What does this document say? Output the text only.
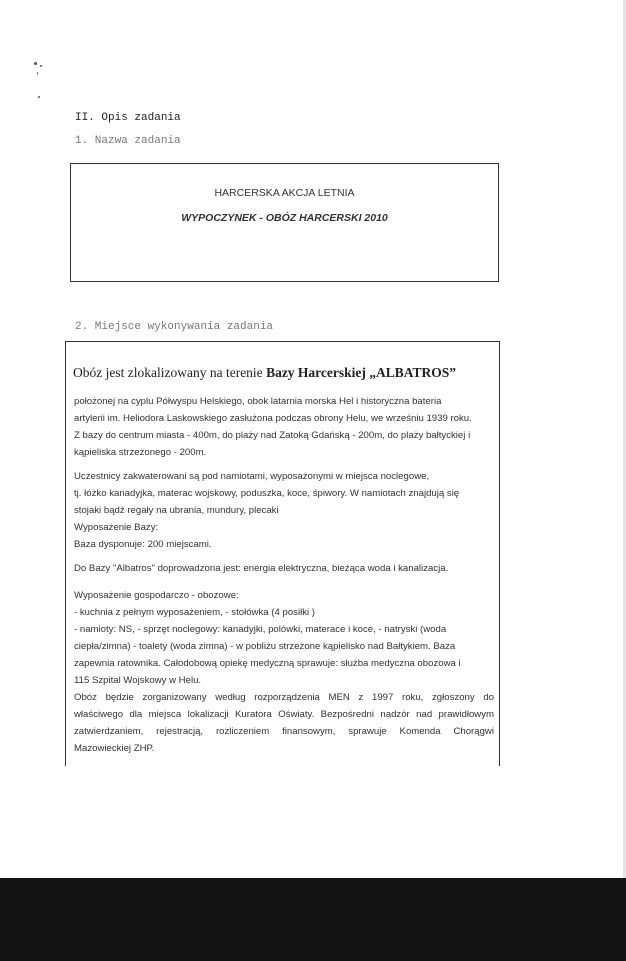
II. Opis zadania
1. Nazwa zadania
HARCERSKA AKCJA LETNIA
WYPOCZYNEK - OBÓZ HARCERSKI 2010
2. Miejsce wykonywania zadania
Obóz jest zlokalizowany na terenie Bazy Harcerskiej „ALBATROS”
położonej na cyplu Półwyspu Helskiego, obok latarnia morska Hel i historyczna bateria
artylerii im. Heliodora Laskowskiego zasłużona podczas obrony Helu, we wrześniu 1939 roku.
Z bazy do centrum miasta - 400m, do plaży nad Zatoką Gdańską - 200m, do plaży bałtyckiej i
kąpieliska strzeżonego - 200m.
Uczestnicy zakwaterowani są pod namiotami, wyposażonymi w miejsca noclegowe,
tj. łóżko kanadyjka, materac wojskowy, poduszka, koce, śpiwory. W namiotach znajdują się
stojaki bądź regały na ubrania, mundury, plecaki
Wyposażenie Bazy:
Baza dysponuje: 200 miejscami.
Do Bazy "Albatros" doprowadzona jest: energia elektryczna, bieżąca woda i kanalizacja.
Wyposażenie gospodarczo - obozowe:
- kuchnia z pełnym wyposażeniem, - stołówka (4 posiłki )
- namioty: NS, - sprzęt noclegowy: kanadyjki, polówki, materace i koce, - natryski (woda
ciepła/zimna) - toalety (woda zimna) - w pobliżu strzeżone kąpielisko nad Bałtykiem. Baza
zapewnia ratownika. Całodobową opiekę medyczną sprawuje: służba medyczna obozowa i
115 Szpital Wojskowy w Helu.
Obóz będzie zorganizowany według rozporządzenia MEN z 1997 roku, zgłoszony do
właściwego dla miejsca lokalizacji Kuratora Oświaty. Bezpośredni nadzór nad prawidłowym
zatwierdzaniem, rejestracją, rozliczeniem finansowym, sprawuje Komenda Chorągwi
Mazowieckiej ZHP.
